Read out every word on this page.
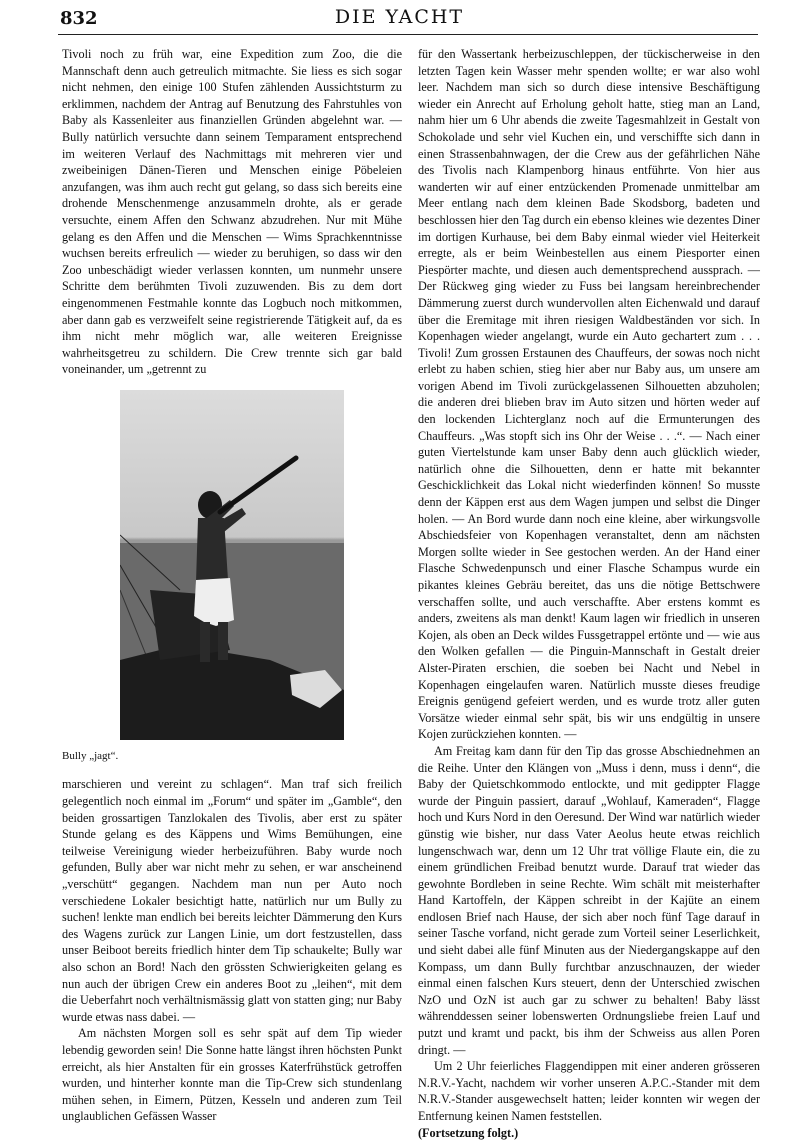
832	DIE YACHT

Tivoli noch zu früh war, eine Expedition zum Zoo, die die Mannschaft denn auch getreulich mitmachte. Sie liess es sich sogar nicht nehmen, den einige 100 Stufen zählenden Aussichtsturm zu erklimmen, nachdem der Antrag auf Benutzung des Fahrstuhles von Baby als Kassenleiter aus finanziellen Gründen abgelehnt war. — Bully natürlich versuchte dann seinem Temparament entsprechend im weiteren Verlauf des Nachmittags mit mehreren vier und zweibeinigen Dänen-Tieren und Menschen einige Pöbeleien anzufangen, was ihm auch recht gut gelang, so dass sich bereits eine drohende Menschenmenge anzusammeln drohte, als er gerade versuchte, einem Affen den Schwanz abzudrehen. Nur mit Mühe gelang es den Affen und die Menschen — Wims Sprachkenntnisse wuchsen bereits erfreulich — wieder zu beruhigen, so dass wir den Zoo unbeschädigt wieder verlassen konnten, um nunmehr unsere Schritte dem berühmten Tivoli zuzuwenden. Bis zu dem dort eingenommenen Festmahle konnte das Logbuch noch mitkommen, aber dann gab es verzweifelt seine registrierende Tätigkeit auf, da es ihm nicht mehr möglich war, alle weiteren Ereignisse wahrheitsgetreu zu schildern. Die Crew trennte sich gar bald voneinander, um „getrennt zu

Bully „jagt“.

marschieren und vereint zu schlagen“. Man traf sich freilich gelegentlich noch einmal im „Forum“ und später im „Gamble“, den beiden grossartigen Tanzlokalen des Tivolis, aber erst zu später Stunde gelang es des Käppens und Wims Bemühungen, eine teilweise Vereinigung wieder herbeizuführen. Baby wurde noch gefunden, Bully aber war nicht mehr zu sehen, er war anscheinend „verschütt“ gegangen. Nachdem man nun per Auto noch verschiedene Lokaler besichtigt hatte, natürlich nur um Bully zu suchen! lenkte man endlich bei bereits leichter Dämmerung den Kurs des Wagens zurück zur Langen Linie, um dort festzustellen, dass unser Beiboot bereits friedlich hinter dem Tip schaukelte; Bully war also schon an Bord! Nach den grössten Schwierigkeiten gelang es nun auch der übrigen Crew ein anderes Boot zu „leihen“, mit dem die Ueberfahrt noch verhältnismässig glatt von statten ging; nur Baby wurde etwas nass dabei. —

Am nächsten Morgen soll es sehr spät auf dem Tip wieder lebendig geworden sein! Die Sonne hatte längst ihren höchsten Punkt erreicht, als hier Anstalten für ein grosses Katerfrühstück getroffen wurden, und hinterher konnte man die Tip-Crew sich stundenlang mühen sehen, in Eimern, Pützen, Kesseln und anderen zum Teil unglaublichen Gefässen Wasser

für den Wassertank herbeizuschleppen, der tückischerweise in den letzten Tagen kein Wasser mehr spenden wollte; er war also wohl leer. Nachdem man sich so durch diese intensive Beschäftigung wieder ein Anrecht auf Erholung geholt hatte, stieg man an Land, nahm hier um 6 Uhr abends die zweite Tagesmahlzeit in Gestalt von Schokolade und sehr viel Kuchen ein, und verschiffte sich dann in einen Strassenbahnwagen, der die Crew aus der gefährlichen Nähe des Tivolis nach Klampenborg hinaus entführte. Von hier aus wanderten wir auf einer entzückenden Promenade unmittelbar am Meer entlang nach dem kleinen Bade Skodsborg, badeten und beschlossen hier den Tag durch ein ebenso kleines wie dezentes Diner im dortigen Kurhause, bei dem Baby einmal wieder viel Heiterkeit erregte, als er beim Weinbestellen aus einem Piesporter einen Piespörter machte, und diesen auch dementsprechend aussprach. — Der Rückweg ging wieder zu Fuss bei langsam hereinbrechender Dämmerung zuerst durch wundervollen alten Eichenwald und darauf über die Eremitage mit ihren riesigen Waldbeständen vor sich. In Kopenhagen wieder angelangt, wurde ein Auto gechartert zum . . . Tivoli! Zum grossen Erstaunen des Chauffeurs, der sowas noch nicht erlebt zu haben schien, stieg hier aber nur Baby aus, um unsere am vorigen Abend im Tivoli zurückgelassenen Silhouetten abzuholen; die anderen drei blieben brav im Auto sitzen und hörten weder auf den lockenden Lichterglanz noch auf die Ermunterungen des Chauffeurs. „Was stopft sich ins Ohr der Weise . . .“. — Nach einer guten Viertelstunde kam unser Baby denn auch glücklich wieder, natürlich ohne die Silhouetten, denn er hatte mit bekannter Geschicklichkeit das Lokal nicht wiederfinden können! So musste denn der Käppen erst aus dem Wagen jumpen und selbst die Dinger holen. — An Bord wurde dann noch eine kleine, aber wirkungsvolle Abschiedsfeier von Kopenhagen veranstaltet, denn am nächsten Morgen sollte wieder in See gestochen werden. An der Hand einer Flasche Schwedenpunsch und einer Flasche Schampus wurde ein pikantes kleines Gebräu bereitet, das uns die nötige Bettschwere verschaffen sollte, und auch verschaffte. Aber erstens kommt es anders, zweitens als man denkt! Kaum lagen wir friedlich in unseren Kojen, als oben an Deck wildes Fussgetrappel ertönte und — wie aus den Wolken gefallen — die Pinguin-Mannschaft in Gestalt dreier Alster-Piraten erschien, die soeben bei Nacht und Nebel in Kopenhagen eingelaufen waren. Natürlich musste dieses freudige Ereignis genügend gefeiert werden, und es wurde trotz aller guten Vorsätze wieder einmal sehr spät, bis wir uns endgültig in unsere Kojen zurückziehen konnten. —

Am Freitag kam dann für den Tip das grosse Abschiednehmen an die Reihe. Unter den Klängen von „Muss i denn, muss i denn“, die Baby der Quietschkommodo entlockte, und mit gedippter Flagge wurde der Pinguin passiert, darauf „Wohlauf, Kameraden“, Flagge hoch und Kurs Nord in den Oeresund. Der Wind war natürlich wieder günstig wie bisher, nur dass Vater Aeolus heute etwas reichlich lungenschwach war, denn um 12 Uhr trat völlige Flaute ein, die zu einem gründlichen Freibad benutzt wurde. Darauf trat wieder das gewohnte Bordleben in seine Rechte. Wim schält mit meisterhafter Hand Kartoffeln, der Käppen schreibt in der Kajüte an einem endlosen Brief nach Hause, der sich aber noch fünf Tage darauf in seiner Tasche vorfand, nicht gerade zum Vorteil seiner Leserlichkeit, und sieht dabei alle fünf Minuten aus der Niedergangskappe auf den Kompass, um dann Bully furchtbar anzuschnauzen, der wieder einmal einen falschen Kurs steuert, denn der Unterschied zwischen NzO und OzN ist auch gar zu schwer zu behalten! Baby lässt währenddessen seiner lobenswerten Ordnungsliebe freien Lauf und putzt und kramt und packt, bis ihm der Schweiss aus allen Poren dringt. —

Um 2 Uhr feierliches Flaggendippen mit einer anderen grösseren N.R.V.-Yacht, nachdem wir vorher unseren A.P.C.-Stander mit dem N.R.V.-Stander ausgewechselt hatten; leider konnten wir wegen der Entfernung keinen Namen feststellen.

(Fortsetzung folgt.)
